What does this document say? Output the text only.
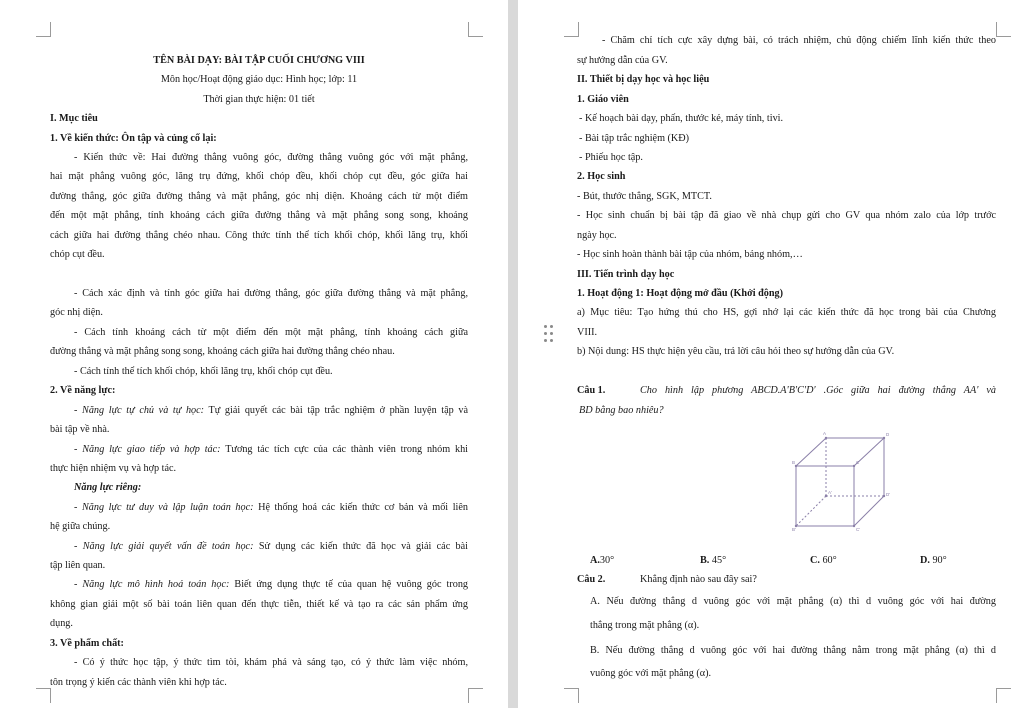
TÊN BÀI DẠY: BÀI TẬP CUỐI CHƯƠNG VIII
Môn học/Hoạt động giáo dục: Hình học; lớp: 11
Thời gian thực hiện: 01 tiết
I. Mục tiêu
1. Về kiến thức: Ôn tập và củng cố lại:
- Kiến thức về: Hai đường thẳng vuông góc, đường thẳng vuông góc với mặt phẳng,
hai mặt phẳng vuông góc, lăng trụ đứng, khối chóp đều, khối chóp cụt đều, góc giữa hai
đường thẳng, góc giữa đường thẳng và mặt phẳng, góc nhị diện. Khoảng cách từ một điểm
đến một mặt phẳng, tính khoảng cách giữa đường thẳng và mặt phẳng song song, khoảng
cách giữa hai đường thẳng chéo nhau. Công thức tính thể tích khối chóp, khối lăng trụ, khối
chóp cụt đều.
- Cách xác định và tính góc giữa hai đường thẳng, góc giữa đường thẳng và mặt phẳng,
góc nhị diện.
- Cách tính khoảng cách từ một điểm đến một mặt phẳng, tính khoảng cách giữa
đường thẳng và mặt phẳng song song, khoảng cách giữa hai đường thẳng chéo nhau.
- Cách tính thể tích khối chóp, khối lăng trụ, khối chóp cụt đều.
2. Về năng lực:
- Năng lực tự chủ và tự học: Tự giải quyết các bài tập trắc nghiệm ở phần luyện tập và
bài tập về nhà.
- Năng lực giao tiếp và hợp tác: Tương tác tích cực của các thành viên trong nhóm khi
thực hiện nhiệm vụ và hợp tác.
Năng lực riêng:
- Năng lực tư duy và lập luận toán học: Hệ thống hoá các kiến thức cơ bản và mối liên
hệ giữa chúng.
- Năng lực giải quyết vấn đề toán học: Sử dụng các kiến thức đã học và giải các bài
tập liên quan.
- Năng lực mô hình hoá toán học: Biết ứng dụng thực tế của quan hệ vuông góc trong
không gian giải một số bài toán liên quan đến thực tiễn, thiết kế và tạo ra các sản phẩm ứng
dụng.
3. Về phẩm chất:
- Có ý thức học tập, ý thức tìm tòi, khám phá và sáng tạo, có ý thức làm việc nhóm,
tôn trọng ý kiến các thành viên khi hợp tác.
- Chăm chỉ tích cực xây dựng bài, có trách nhiệm, chủ động chiếm lĩnh kiến thức theo
sự hướng dẫn của GV.
II. Thiết bị dạy học và học liệu
1. Giáo viên
- Kế hoạch bài dạy, phấn, thước kẻ, máy tính, tivi.
- Bài tập trắc nghiệm (KĐ)
- Phiếu học tập.
2. Học sinh
- Bút, thước thẳng, SGK, MTCT.
- Học sinh chuẩn bị bài tập đã giao về nhà chụp gửi cho GV qua nhóm zalo của lớp trước
ngày học.
- Học sinh hoàn thành bài tập của nhóm, bảng nhóm,…
III. Tiến trình dạy học
1. Hoạt động 1: Hoạt động mở đầu (Khởi động)
a) Mục tiêu: Tạo hứng thú cho HS, gợi nhớ lại các kiến thức đã học trong bài của Chương
VIII.
b) Nội dung: HS thực hiện yêu cầu, trả lời câu hỏi theo sự hướng dẫn của GV.
Câu 1.	Cho hình lập phương ABCD.A'B'C'D' .Góc giữa hai đường thẳng AA' và
BD bằng bao nhiêu?
A
B	C
D
A'
B'	C'
D'
A.30°	B. 45°	C. 60°	D. 90°
Câu 2.	Khẳng định nào sau đây sai?
A. Nếu đường thẳng d vuông góc với mặt phẳng (α) thì d vuông góc với hai đường
thẳng trong mặt phẳng (α).
B. Nếu đường thẳng d vuông góc với hai đường thẳng nằm trong mặt phẳng (α) thì d
vuông góc với mặt phẳng (α).
